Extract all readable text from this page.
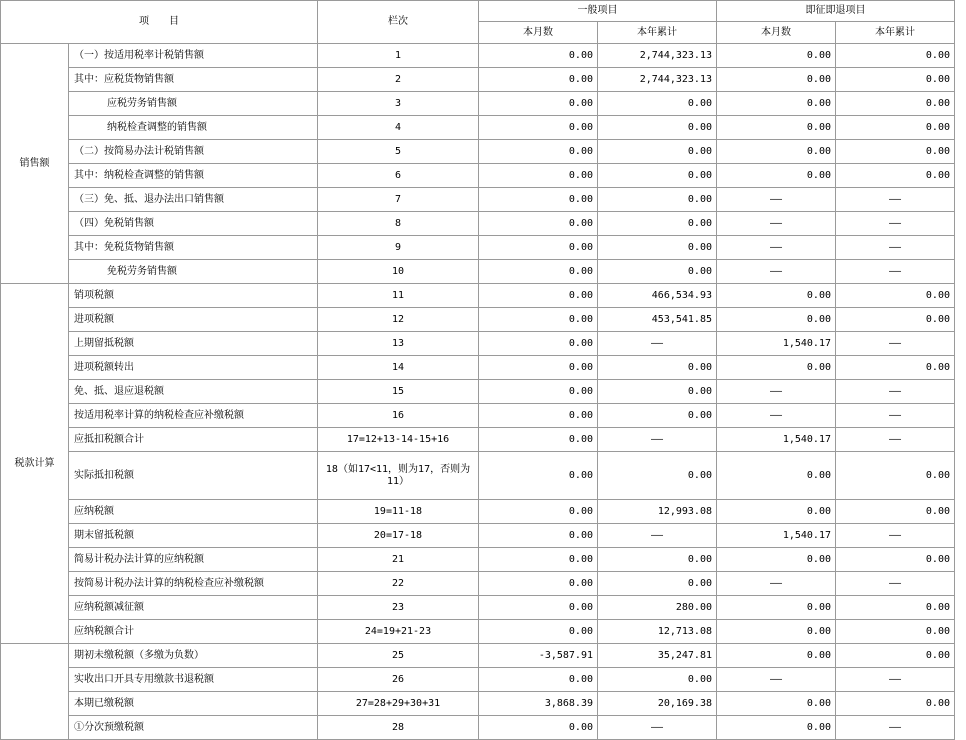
项　　目		栏次	一般项目		即征即退项目	
			本月数	本年累计	本月数	本年累计
销售额	（一）按适用税率计税销售额	1	0.00	2,744,323.13	0.00	0.00
	其中：应税货物销售额	2	0.00	2,744,323.13	0.00	0.00
	应税劳务销售额	3	0.00	0.00	0.00	0.00
	纳税检查调整的销售额	4	0.00	0.00	0.00	0.00
	（二）按简易办法计税销售额	5	0.00	0.00	0.00	0.00
	其中：纳税检查调整的销售额	6	0.00	0.00	0.00	0.00
	（三）免、抵、退办法出口销售额	7	0.00	0.00	——	——
	（四）免税销售额	8	0.00	0.00	——	——
	其中：免税货物销售额	9	0.00	0.00	——	——
	免税劳务销售额	10	0.00	0.00	——	——
税款计算	销项税额	11	0.00	466,534.93	0.00	0.00
	进项税额	12	0.00	453,541.85	0.00	0.00
	上期留抵税额	13	0.00	——	1,540.17	——
	进项税额转出	14	0.00	0.00	0.00	0.00
	免、抵、退应退税额	15	0.00	0.00	——	——
	按适用税率计算的纳税检查应补缴税额	16	0.00	0.00	——	——
	应抵扣税额合计	17=12+13-14-15+16	0.00	——	1,540.17	——
	实际抵扣税额	18（如17<11，则为17，否则为11）	0.00	0.00	0.00	0.00
	应纳税额	19=11-18	0.00	12,993.08	0.00	0.00
	期末留抵税额	20=17-18	0.00	——	1,540.17	——
	简易计税办法计算的应纳税额	21	0.00	0.00	0.00	0.00
	按简易计税办法计算的纳税检查应补缴税额	22	0.00	0.00	——	——
	应纳税额减征额	23	0.00	280.00	0.00	0.00
	应纳税额合计	24=19+21-23	0.00	12,713.08	0.00	0.00
	期初未缴税额（多缴为负数）	25	-3,587.91	35,247.81	0.00	0.00
	实收出口开具专用缴款书退税额	26	0.00	0.00	——	——
	本期已缴税额	27=28+29+30+31	3,868.39	20,169.38	0.00	0.00
	①分次预缴税额	28	0.00	——	0.00	——
